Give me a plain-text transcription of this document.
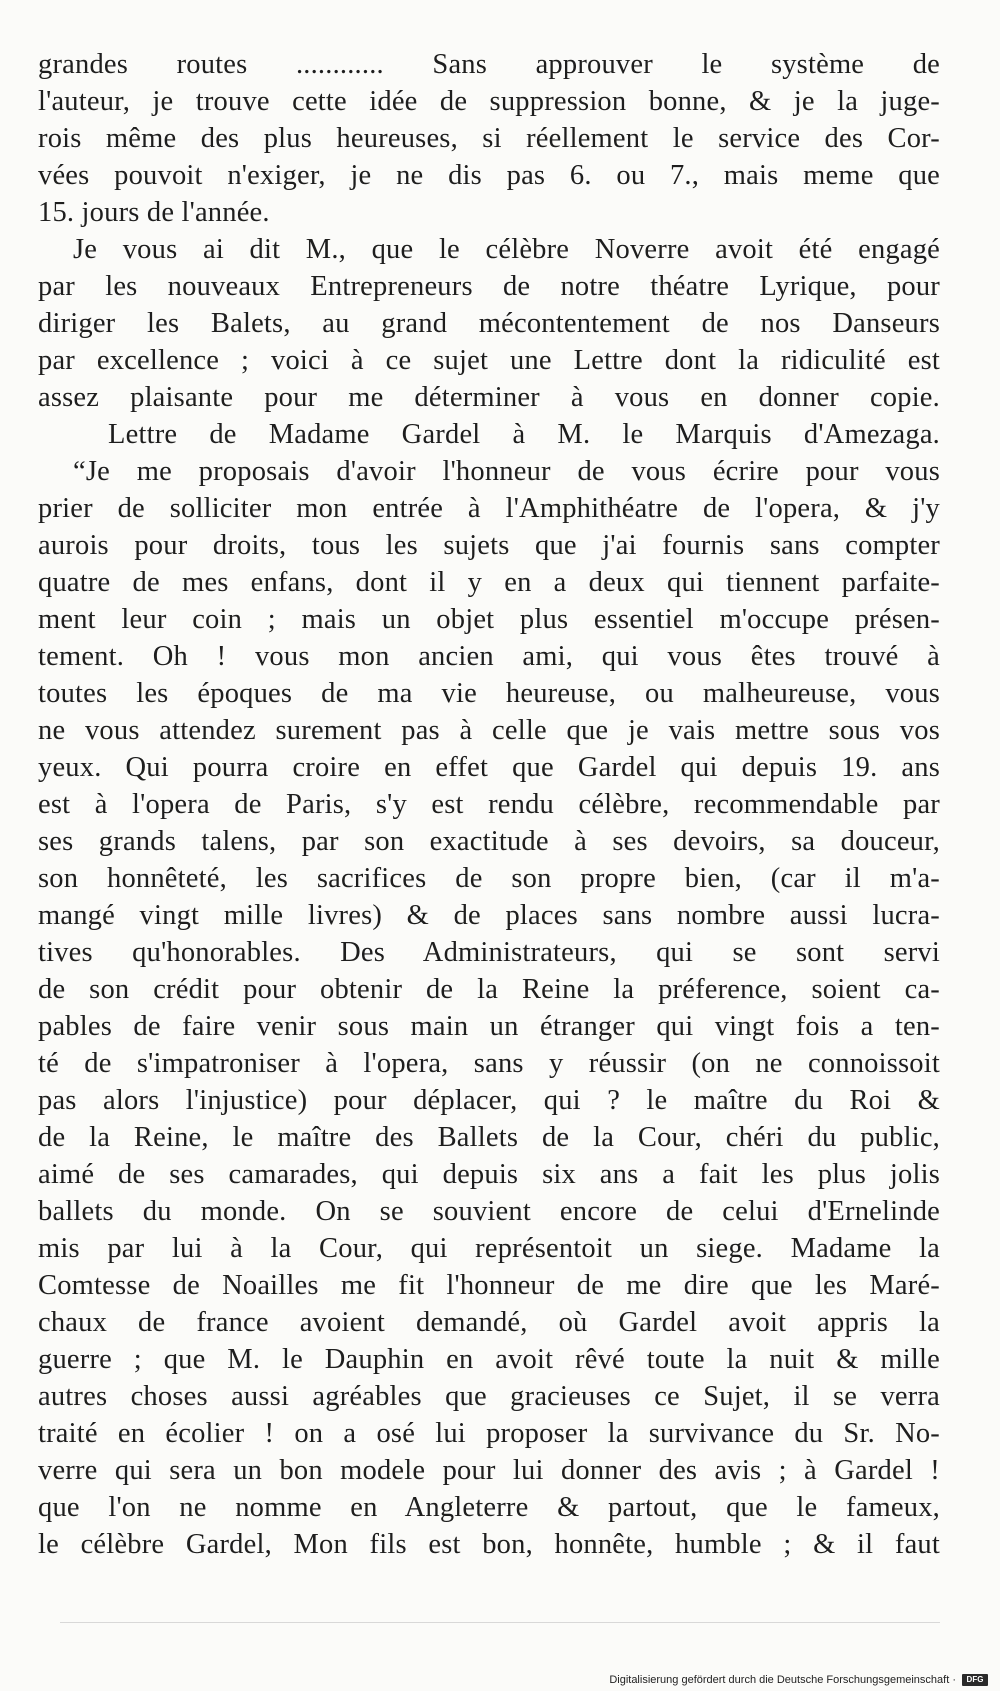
grandes routes ............ Sans approuver le système de
l'auteur, je trouve cette idée de suppression bonne, & je la juge-
rois même des plus heureuses, si réellement le service des Cor-
vées pouvoit n'exiger, je ne dis pas 6. ou 7., mais meme que
15. jours de l'année.
Je vous ai dit M., que le célèbre Noverre avoit été engagé
par les nouveaux Entrepreneurs de notre théatre Lyrique, pour
diriger les Balets, au grand mécontentement de nos Danseurs
par excellence ; voici à ce sujet une Lettre dont la ridiculité est
assez plaisante pour me déterminer à vous en donner copie.
Lettre de Madame Gardel à M. le Marquis d'Amezaga.
“Je me proposais d'avoir l'honneur de vous écrire pour vous
prier de solliciter mon entrée à l'Amphithéatre de l'opera, & j'y
aurois pour droits, tous les sujets que j'ai fournis sans compter
quatre de mes enfans, dont il y en a deux qui tiennent parfaite-
ment leur coin ; mais un objet plus essentiel m'occupe présen-
tement. Oh ! vous mon ancien ami, qui vous êtes trouvé à
toutes les époques de ma vie heureuse, ou malheureuse, vous
ne vous attendez surement pas à celle que je vais mettre sous vos
yeux. Qui pourra croire en effet que Gardel qui depuis 19. ans
est à l'opera de Paris, s'y est rendu célèbre, recommendable par
ses grands talens, par son exactitude à ses devoirs, sa douceur,
son honnêteté, les sacrifices de son propre bien, (car il m'a-
mangé vingt mille livres) & de places sans nombre aussi lucra-
tives qu'honorables. Des Administrateurs, qui se sont servi
de son crédit pour obtenir de la Reine la préference, soient ca-
pables de faire venir sous main un étranger qui vingt fois a ten-
té de s'impatroniser à l'opera, sans y réussir (on ne connoissoit
pas alors l'injustice) pour déplacer, qui ? le maître du Roi &
de la Reine, le maître des Ballets de la Cour, chéri du public,
aimé de ses camarades, qui depuis six ans a fait les plus jolis
ballets du monde. On se souvient encore de celui d'Ernelinde
mis par lui à la Cour, qui représentoit un siege. Madame la
Comtesse de Noailles me fit l'honneur de me dire que les Maré-
chaux de france avoient demandé, où Gardel avoit appris la
guerre ; que M. le Dauphin en avoit rêvé toute la nuit & mille
autres choses aussi agréables que gracieuses ce Sujet, il se verra
traité en écolier ! on a osé lui proposer la survivance du Sr. No-
verre qui sera un bon modele pour lui donner des avis ; à Gardel !
que l'on ne nomme en Angleterre & partout, que le fameux,
le célèbre Gardel, Mon fils est bon, honnête, humble ; & il faut
Digitalisierung gefördert durch die Deutsche Forschungsgemeinschaft ·	DFG
